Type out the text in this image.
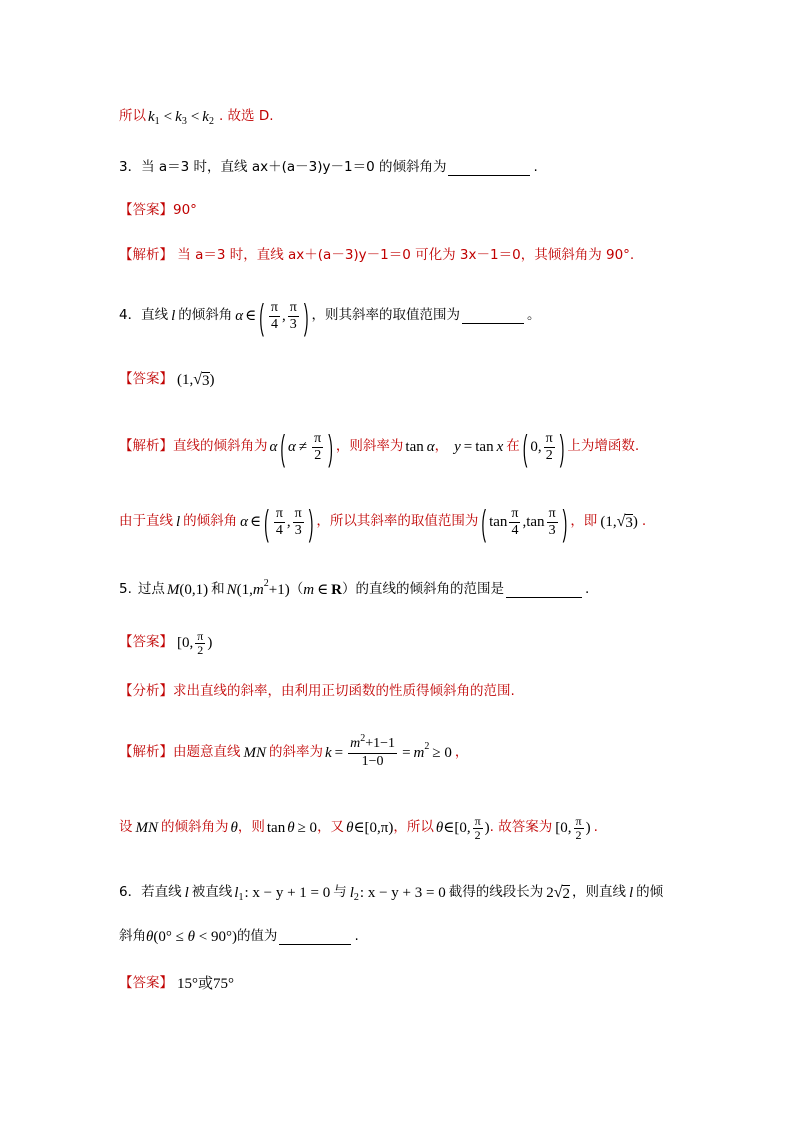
所以 k 1 < k 3 < k 2 . 故选 D.
3． 当 a＝3 时，直线 ax＋(a－3)y－1＝0 的倾斜角为	.
【答案】 90°
【解析】 当 a＝3 时，直线 ax＋(a－3)y－1＝0 可化为 3x－1＝0，其倾斜角为 90°.
4． 直线 l 的倾斜角 α ∈ ( $\frac{\pi}{4}$ , $\frac{\pi}{3}$ ) ，则其斜率的取值范围为	。
【答案】 ( 1 , √ 3 )
【解析】 直线的倾斜角为 α ( $\alpha \ne \frac{\pi}{2}$ ) ，则斜率为 tan α ， y = tan x 在 ( 0 , $\frac{\pi}{2}$ ) 上为增函数.
由于直线 l 的倾斜角 α ∈ ( $\frac{\pi}{4}$ , $\frac{\pi}{3}$ ) ，所以其斜率的取值范围为 ( $\tan \frac{\pi}{4}$ , $\tan \frac{\pi}{3}$ ) ，即 ( 1 , √ 3 ) .
5. 过点 M (0,1) 和 N (1, m 2 +1) （ m ∈ R ）的直线的倾斜角的范围是	.
【答案】 [ 0 , $\frac{\pi}{2}$ )
【分析】 求出直线的斜率，由利用正切函数的性质得倾斜角的范围.
【解析】 由题意直线 MN 的斜率为 $k = \frac{m^2+1-1}{1-0} = m$ 2 ≥ 0 ，
设 MN 的倾斜角为 θ ，则 tan θ ≥ 0 ，又 θ ∈ [0,π) ，所以 θ ∈ [ 0 , $\frac{\pi}{2}$ ) . 故答案为 [ 0 , $\frac{\pi}{2}$ ) .
6． 若直线 l 被直线 l 1 : x − y + 1 = 0 与 l 2 : x − y + 3 = 0 截得的线段长为 2 √ 2 ，则直线 l 的倾
斜角 θ (0° ≤ θ < 90°) 的值为	.
【答案】 15°或75°
